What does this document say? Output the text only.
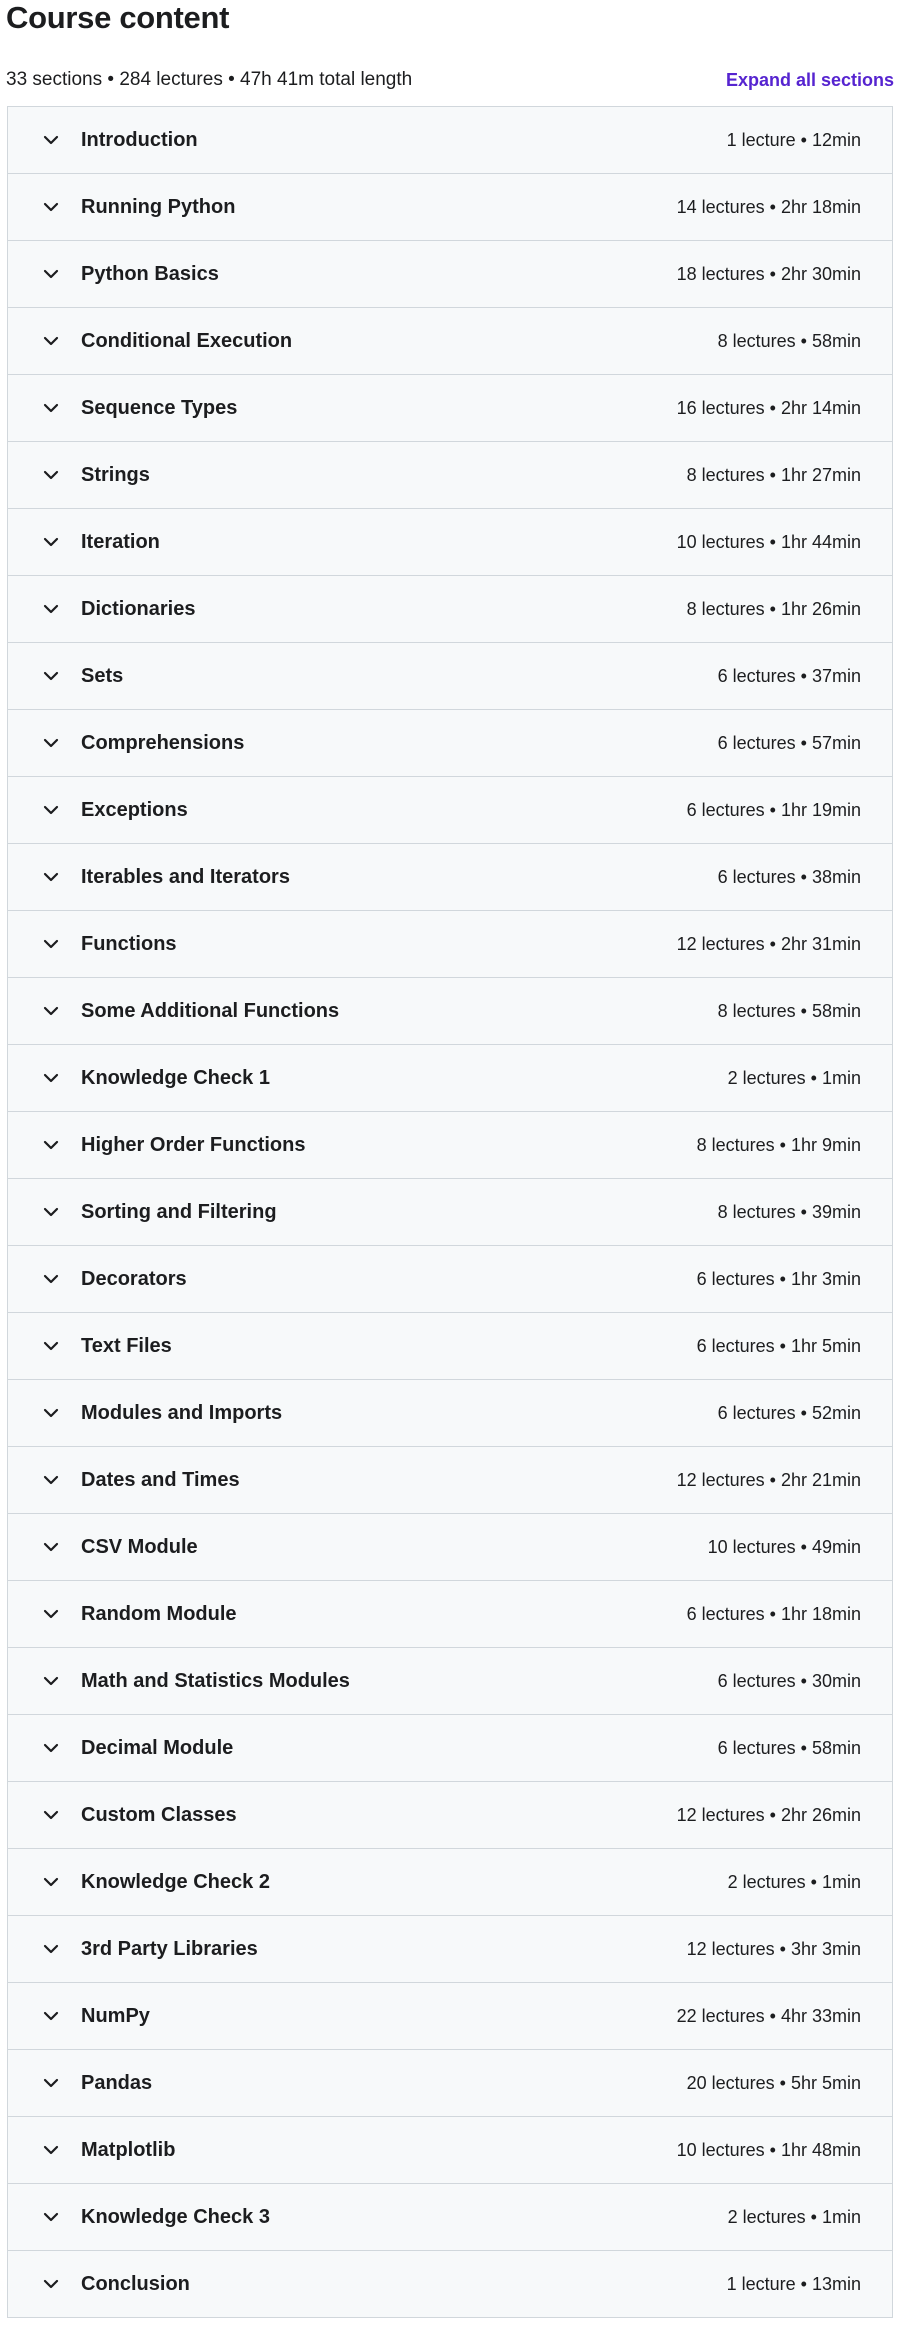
Course content
33 sections • 284 lectures • 47h 41m total length	Expand all sections
Introduction	1 lecture • 12min
Running Python	14 lectures • 2hr 18min
Python Basics	18 lectures • 2hr 30min
Conditional Execution	8 lectures • 58min
Sequence Types	16 lectures • 2hr 14min
Strings	8 lectures • 1hr 27min
Iteration	10 lectures • 1hr 44min
Dictionaries	8 lectures • 1hr 26min
Sets	6 lectures • 37min
Comprehensions	6 lectures • 57min
Exceptions	6 lectures • 1hr 19min
Iterables and Iterators	6 lectures • 38min
Functions	12 lectures • 2hr 31min
Some Additional Functions	8 lectures • 58min
Knowledge Check 1	2 lectures • 1min
Higher Order Functions	8 lectures • 1hr 9min
Sorting and Filtering	8 lectures • 39min
Decorators	6 lectures • 1hr 3min
Text Files	6 lectures • 1hr 5min
Modules and Imports	6 lectures • 52min
Dates and Times	12 lectures • 2hr 21min
CSV Module	10 lectures • 49min
Random Module	6 lectures • 1hr 18min
Math and Statistics Modules	6 lectures • 30min
Decimal Module	6 lectures • 58min
Custom Classes	12 lectures • 2hr 26min
Knowledge Check 2	2 lectures • 1min
3rd Party Libraries	12 lectures • 3hr 3min
NumPy	22 lectures • 4hr 33min
Pandas	20 lectures • 5hr 5min
Matplotlib	10 lectures • 1hr 48min
Knowledge Check 3	2 lectures • 1min
Conclusion	1 lecture • 13min
